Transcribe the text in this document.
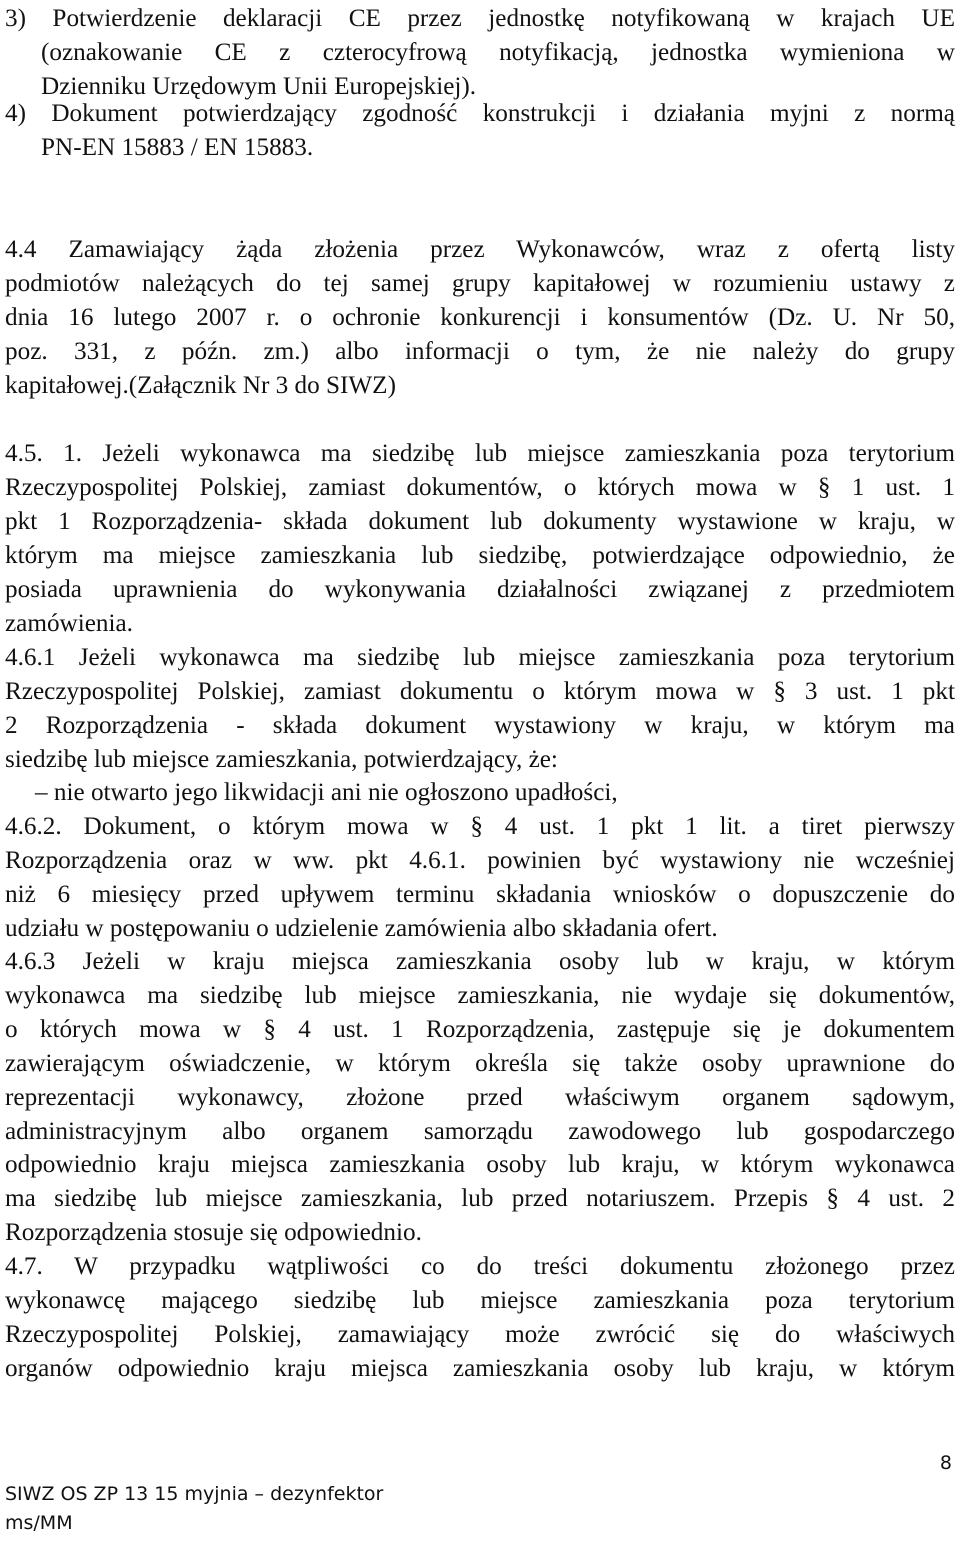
3) Potwierdzenie deklaracji CE przez jednostkę notyfikowaną w krajach UE
(oznakowanie CE z czterocyfrową notyfikacją, jednostka wymieniona w
Dzienniku Urzędowym Unii Europejskiej).
4) Dokument potwierdzający zgodność konstrukcji i działania myjni z normą
PN-EN 15883 / EN 15883.
4.4 Zamawiający żąda złożenia przez Wykonawców, wraz z ofertą listy
podmiotów należących do tej samej grupy kapitałowej w rozumieniu ustawy z
dnia 16 lutego 2007 r. o ochronie konkurencji i konsumentów (Dz. U. Nr 50,
poz. 331, z późn. zm.) albo informacji o tym, że nie należy do grupy
kapitałowej.(Załącznik Nr 3 do SIWZ)
4.5. 1. Jeżeli wykonawca ma siedzibę lub miejsce zamieszkania poza terytorium
Rzeczypospolitej Polskiej, zamiast dokumentów, o których mowa w § 1 ust. 1
pkt 1 Rozporządzenia- składa dokument lub dokumenty wystawione w kraju, w
którym ma miejsce zamieszkania lub siedzibę, potwierdzające odpowiednio, że
posiada uprawnienia do wykonywania działalności związanej z przedmiotem
zamówienia.
4.6.1 Jeżeli wykonawca ma siedzibę lub miejsce zamieszkania poza terytorium
Rzeczypospolitej Polskiej, zamiast dokumentu o którym mowa w § 3 ust. 1 pkt
2 Rozporządzenia - składa dokument wystawiony w kraju, w którym ma
siedzibę lub miejsce zamieszkania, potwierdzający, że:
– nie otwarto jego likwidacji ani nie ogłoszono upadłości,
4.6.2. Dokument, o którym mowa w § 4 ust. 1 pkt 1 lit. a tiret pierwszy
Rozporządzenia oraz w ww. pkt 4.6.1. powinien być wystawiony nie wcześniej
niż 6 miesięcy przed upływem terminu składania wniosków o dopuszczenie do
udziału w postępowaniu o udzielenie zamówienia albo składania ofert.
4.6.3 Jeżeli w kraju miejsca zamieszkania osoby lub w kraju, w którym
wykonawca ma siedzibę lub miejsce zamieszkania, nie wydaje się dokumentów,
o których mowa w § 4 ust. 1 Rozporządzenia, zastępuje się je dokumentem
zawierającym oświadczenie, w którym określa się także osoby uprawnione do
reprezentacji wykonawcy, złożone przed właściwym organem sądowym,
administracyjnym albo organem samorządu zawodowego lub gospodarczego
odpowiednio kraju miejsca zamieszkania osoby lub kraju, w którym wykonawca
ma siedzibę lub miejsce zamieszkania, lub przed notariuszem. Przepis § 4 ust. 2
Rozporządzenia stosuje się odpowiednio.
4.7. W przypadku wątpliwości co do treści dokumentu złożonego przez
wykonawcę mającego siedzibę lub miejsce zamieszkania poza terytorium
Rzeczypospolitej Polskiej, zamawiający może zwrócić się do właściwych
organów odpowiednio kraju miejsca zamieszkania osoby lub kraju, w którym
SIWZ OS ZP 13 15 myjnia – dezynfektor
ms/MM
8
